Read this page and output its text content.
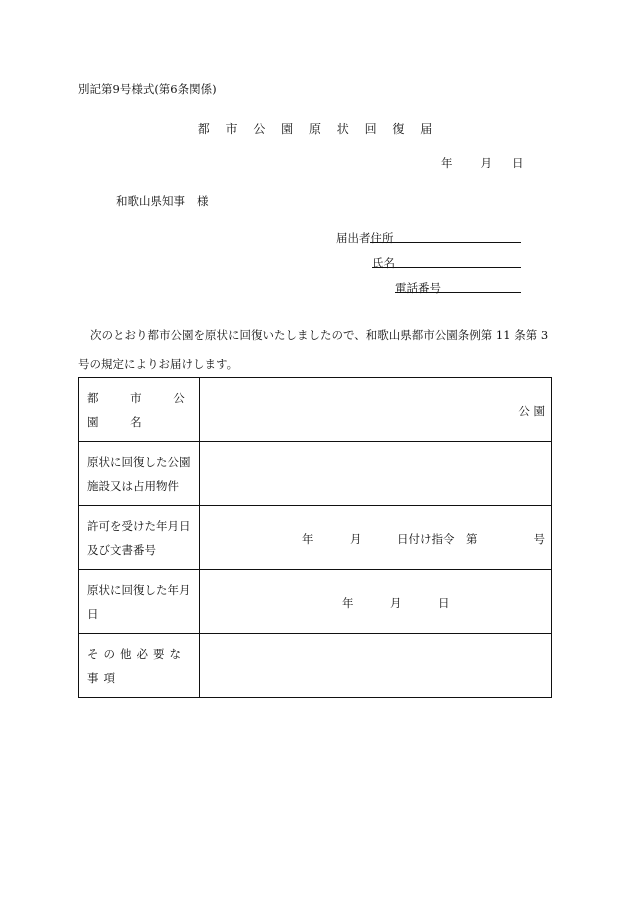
別記第9号様式(第6条関係)
都 市 公 園 原 状 回 復 届
年 月 日
和歌山県知事 様
届出者住所
氏名
電話番号
次のとおり都市公園を原状に回復いたしましたので、和歌山県都市公園条例第 11 条第 3 号の規定によりお届けします。
都 市 公 園 名	公 園

原状に回復した公園施設又は占用物件	

許可を受けた年月日及び文書番号	年 月 日付け指令 第 号

原状に回復した年月日	年 月 日

その他必要な事項	
